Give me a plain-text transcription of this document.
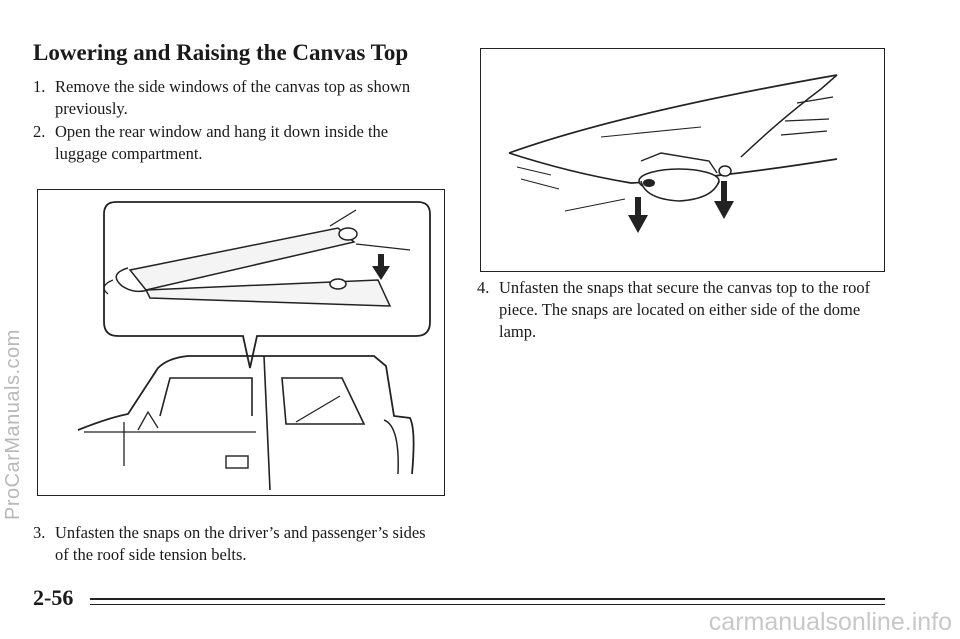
Lowering and Raising the Canvas Top
1. Remove the side windows of the canvas top as shown previously.
2. Open the rear window and hang it down inside the luggage compartment.
3. Unfasten the snaps on the driver’s and passenger’s sides of the roof side tension belts.
4. Unfasten the snaps that secure the canvas top to the roof piece. The snaps are located on either side of the dome lamp.
2-56
ProCarManuals.com
carmanualsonline.info
